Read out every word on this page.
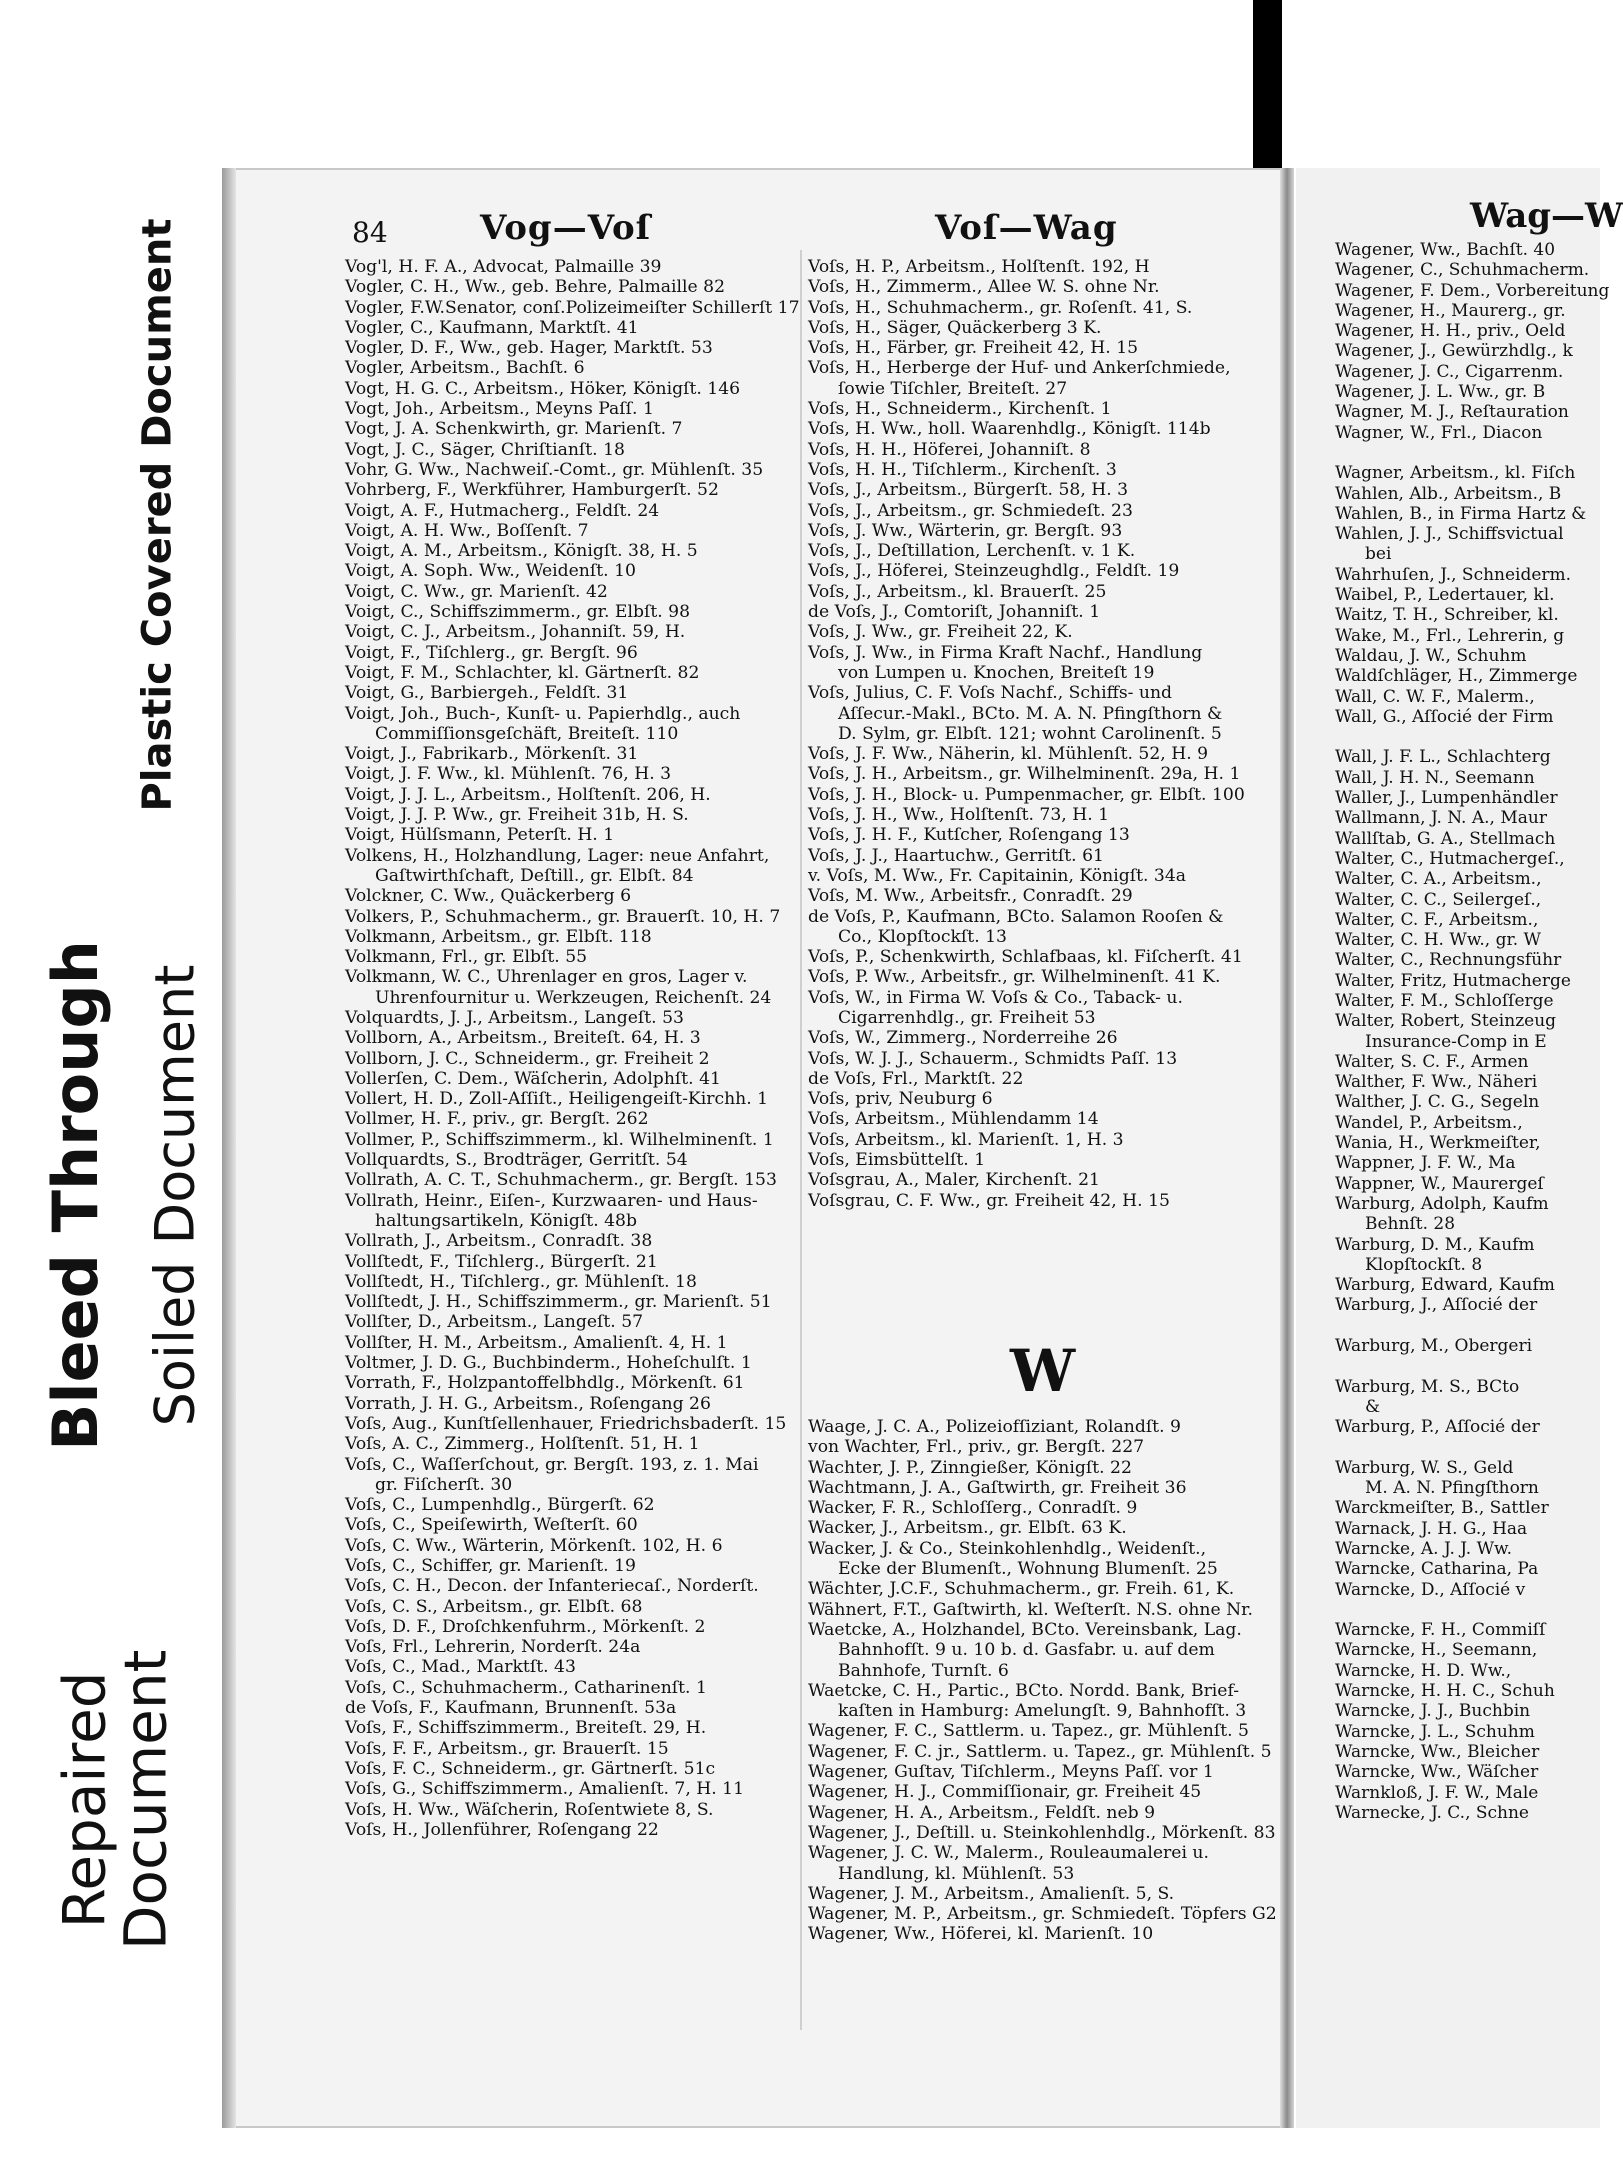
Plastic Covered Document
Bleed Through Soiled Document
Repaired Document
84	Vog—Voſ	Voſ—Wag
Vog'l, H. F. A., Advocat, Palmaille 39
Vogler, C. H., Ww., geb. Behre, Palmaille 82
Vogler, F.W.Senator, conſ.Polizeimeiſter Schillerſt 17
Vogler, C., Kaufmann, Marktſt. 41
Vogler, D. F., Ww., geb. Hager, Marktſt. 53
Vogler, Arbeitsm., Bachſt. 6
Vogt, H. G. C., Arbeitsm., Höker, Königſt. 146
Vogt, Joh., Arbeitsm., Meyns Paſſ. 1
Vogt, J. A. Schenkwirth, gr. Marienſt. 7
Vogt, J. C., Säger, Chriſtianſt. 18
Vohr, G. Ww., Nachweiſ.-Comt., gr. Mühlenſt. 35
Vohrberg, F., Werkführer, Hamburgerſt. 52
Voigt, A. F., Hutmacherg., Feldſt. 24
Voigt, A. H. Ww., Boſſenſt. 7
Voigt, A. M., Arbeitsm., Königſt. 38, H. 5
Voigt, A. Soph. Ww., Weidenſt. 10
Voigt, C. Ww., gr. Marienſt. 42
Voigt, C., Schiffszimmerm., gr. Elbſt. 98
Voigt, C. J., Arbeitsm., Johanniſt. 59, H.
Voigt, F., Tiſchlerg., gr. Bergſt. 96
Voigt, F. M., Schlachter, kl. Gärtnerſt. 82
Voigt, G., Barbiergeh., Feldſt. 31
Voigt, Joh., Buch-, Kunſt- u. Papierhdlg., auch
Commiſſionsgeſchäft, Breiteſt. 110
Voigt, J., Fabrikarb., Mörkenſt. 31
Voigt, J. F. Ww., kl. Mühlenſt. 76, H. 3
Voigt, J. J. L., Arbeitsm., Holſtenſt. 206, H.
Voigt, J. J. P. Ww., gr. Freiheit 31b, H. S.
Voigt, Hülſsmann, Peterſt. H. 1
Volkens, H., Holzhandlung, Lager: neue Anfahrt,
Gaſtwirthſchaft, Deſtill., gr. Elbſt. 84
Volckner, C. Ww., Quäckerberg 6
Volkers, P., Schuhmacherm., gr. Brauerſt. 10, H. 7
Volkmann, Arbeitsm., gr. Elbſt. 118
Volkmann, Frl., gr. Elbſt. 55
Volkmann, W. C., Uhrenlager en gros, Lager v.
Uhrenfournitur u. Werkzeugen, Reichenſt. 24
Volquardts, J. J., Arbeitsm., Langeſt. 53
Vollborn, A., Arbeitsm., Breiteſt. 64, H. 3
Vollborn, J. C., Schneiderm., gr. Freiheit 2
Vollerſen, C. Dem., Wäſcherin, Adolphſt. 41
Vollert, H. D., Zoll-Aſſiſt., Heiligengeiſt-Kirchh. 1
Vollmer, H. F., priv., gr. Bergſt. 262
Vollmer, P., Schiffszimmerm., kl. Wilhelminenſt. 1
Vollquardts, S., Brodträger, Gerritſt. 54
Vollrath, A. C. T., Schuhmacherm., gr. Bergſt. 153
Vollrath, Heinr., Eiſen-, Kurzwaaren- und Haus-
haltungsartikeln, Königſt. 48b
Vollrath, J., Arbeitsm., Conradſt. 38
Vollſtedt, F., Tiſchlerg., Bürgerſt. 21
Vollſtedt, H., Tiſchlerg., gr. Mühlenſt. 18
Vollſtedt, J. H., Schiffszimmerm., gr. Marienſt. 51
Vollſter, D., Arbeitsm., Langeſt. 57
Vollſter, H. M., Arbeitsm., Amalienſt. 4, H. 1
Voltmer, J. D. G., Buchbinderm., Hoheſchulſt. 1
Vorrath, F., Holzpantoffelbhdlg., Mörkenſt. 61
Vorrath, J. H. G., Arbeitsm., Roſengang 26
Voſs, Aug., Kunſtſellenhauer, Friedrichsbaderſt. 15
Voſs, A. C., Zimmerg., Holſtenſt. 51, H. 1
Voſs, C., Waſſerſchout, gr. Bergſt. 193, z. 1. Mai
gr. Fiſcherſt. 30
Voſs, C., Lumpenhdlg., Bürgerſt. 62
Voſs, C., Speiſewirth, Weſterſt. 60
Voſs, C. Ww., Wärterin, Mörkenſt. 102, H. 6
Voſs, C., Schiffer, gr. Marienſt. 19
Voſs, C. H., Decon. der Infanteriecaſ., Norderſt.
Voſs, C. S., Arbeitsm., gr. Elbſt. 68
Voſs, D. F., Droſchkenfuhrm., Mörkenſt. 2
Voſs, Frl., Lehrerin, Norderſt. 24a
Voſs, C., Mad., Marktſt. 43
Voſs, C., Schuhmacherm., Catharinenſt. 1
de Voſs, F., Kaufmann, Brunnenſt. 53a
Voſs, F., Schiffszimmerm., Breiteſt. 29, H.
Voſs, F. F., Arbeitsm., gr. Brauerſt. 15
Voſs, F. C., Schneiderm., gr. Gärtnerſt. 51c
Voſs, G., Schiffszimmerm., Amalienſt. 7, H. 11
Voſs, H. Ww., Wäſcherin, Roſentwiete 8, S.
Voſs, H., Jollenführer, Roſengang 22
Voſs, H. P., Arbeitsm., Holſtenſt. 192, H
Voſs, H., Zimmerm., Allee W. S. ohne Nr.
Voſs, H., Schuhmacherm., gr. Roſenſt. 41, S.
Voſs, H., Säger, Quäckerberg 3 K.
Voſs, H., Färber, gr. Freiheit 42, H. 15
Voſs, H., Herberge der Huf- und Ankerſchmiede,
ſowie Tiſchler, Breiteſt. 27
Voſs, H., Schneiderm., Kirchenſt. 1
Voſs, H. Ww., holl. Waarenhdlg., Königſt. 114b
Voſs, H. H., Höferei, Johanniſt. 8
Voſs, H. H., Tiſchlerm., Kirchenſt. 3
Voſs, J., Arbeitsm., Bürgerſt. 58, H. 3
Voſs, J., Arbeitsm., gr. Schmiedeſt. 23
Voſs, J. Ww., Wärterin, gr. Bergſt. 93
Voſs, J., Deſtillation, Lerchenſt. v. 1 K.
Voſs, J., Höferei, Steinzeughdlg., Feldſt. 19
Voſs, J., Arbeitsm., kl. Brauerſt. 25
de Voſs, J., Comtoriſt, Johanniſt. 1
Voſs, J. Ww., gr. Freiheit 22, K.
Voſs, J. Ww., in Firma Kraft Nachf., Handlung
von Lumpen u. Knochen, Breiteſt 19
Voſs, Julius, C. F. Voſs Nachf., Schiffs- und
Aſſecur.-Makl., BCto. M. A. N. Pfingſthorn &
D. Sylm, gr. Elbſt. 121; wohnt Carolinenſt. 5
Voſs, J. F. Ww., Näherin, kl. Mühlenſt. 52, H. 9
Voſs, J. H., Arbeitsm., gr. Wilhelminenſt. 29a, H. 1
Voſs, J. H., Block- u. Pumpenmacher, gr. Elbſt. 100
Voſs, J. H., Ww., Holſtenſt. 73, H. 1
Voſs, J. H. F., Kutſcher, Roſengang 13
Voſs, J. J., Haartuchw., Gerritſt. 61
v. Voſs, M. Ww., Fr. Capitainin, Königſt. 34a
Voſs, M. Ww., Arbeitsfr., Conradſt. 29
de Voſs, P., Kaufmann, BCto. Salamon Rooſen &
Co., Klopſtockſt. 13
Voſs, P., Schenkwirth, Schlafbaas, kl. Fiſcherſt. 41
Voſs, P. Ww., Arbeitsfr., gr. Wilhelminenſt. 41 K.
Voſs, W., in Firma W. Voſs & Co., Taback- u.
Cigarrenhdlg., gr. Freiheit 53
Voſs, W., Zimmerg., Norderreihe 26
Voſs, W. J. J., Schauerm., Schmidts Paſſ. 13
de Voſs, Frl., Marktſt. 22
Voſs, priv, Neuburg 6
Voſs, Arbeitsm., Mühlendamm 14
Voſs, Arbeitsm., kl. Marienſt. 1, H. 3
Voſs, Eimsbüttelſt. 1
Voſsgrau, A., Maler, Kirchenſt. 21
Voſsgrau, C. F. Ww., gr. Freiheit 42, H. 15
W
Waage, J. C. A., Polizeiofſiziant, Rolandſt. 9
von Wachter, Frl., priv., gr. Bergſt. 227
Wachter, J. P., Zinngießer, Königſt. 22
Wachtmann, J. A., Gaſtwirth, gr. Freiheit 36
Wacker, F. R., Schloſſerg., Conradſt. 9
Wacker, J., Arbeitsm., gr. Elbſt. 63 K.
Wacker, J. & Co., Steinkohlenhdlg., Weidenſt.,
Ecke der Blumenſt., Wohnung Blumenſt. 25
Wächter, J.C.F., Schuhmacherm., gr. Freih. 61, K.
Wähnert, F.T., Gaſtwirth, kl. Weſterſt. N.S. ohne Nr.
Waetcke, A., Holzhandel, BCto. Vereinsbank, Lag.
Bahnhofſt. 9 u. 10 b. d. Gasfabr. u. auf dem
Bahnhofe, Turnſt. 6
Waetcke, C. H., Partic., BCto. Nordd. Bank, Brief-
kaſten in Hamburg: Amelungſt. 9, Bahnhofſt. 3
Wagener, F. C., Sattlerm. u. Tapez., gr. Mühlenſt. 5
Wagener, F. C. jr., Sattlerm. u. Tapez., gr. Mühlenſt. 5
Wagener, Guſtav, Tiſchlerm., Meyns Paſſ. vor 1
Wagener, H. J., Commiſſionair, gr. Freiheit 45
Wagener, H. A., Arbeitsm., Feldſt. neb 9
Wagener, J., Deſtill. u. Steinkohlenhdlg., Mörkenſt. 83
Wagener, J. C. W., Malerm., Rouleaumalerei u.
Handlung, kl. Mühlenſt. 53
Wagener, J. M., Arbeitsm., Amalienſt. 5, S.
Wagener, M. P., Arbeitsm., gr. Schmiedeſt. Töpfers G2
Wagener, Ww., Höferei, kl. Marienſt. 10
Wag—W
Wagener, Ww., Bachſt. 40
Wagener, C., Schuhmacherm.
Wagener, F. Dem., Vorbereitung
Wagener, H., Maurerg., gr.
Wagener, H. H., priv., Oeld
Wagener, J., Gewürzhdlg., k
Wagener, J. C., Cigarrenm.
Wagener, J. L. Ww., gr. B
Wagner, M. J., Reſtauration
Wagner, W., Frl., Diacon

Wagner, Arbeitsm., kl. Fiſch
Wahlen, Alb., Arbeitsm., B
Wahlen, B., in Firma Hartz &
Wahlen, J. J., Schiffsvictual
bei
Wahrhuſen, J., Schneiderm.
Waibel, P., Ledertauer, kl.
Waitz, T. H., Schreiber, kl.
Wake, M., Frl., Lehrerin, g
Waldau, J. W., Schuhm
Waldſchläger, H., Zimmerge
Wall, C. W. F., Malerm.,
Wall, G., Aſſocié der Firm

Wall, J. F. L., Schlachterg
Wall, J. H. N., Seemann
Waller, J., Lumpenhändler
Wallmann, J. N. A., Maur
Wallſtab, G. A., Stellmach
Walter, C., Hutmachergeſ.,
Walter, C. A., Arbeitsm.,
Walter, C. C., Seilergeſ.,
Walter, C. F., Arbeitsm.,
Walter, C. H. Ww., gr. W
Walter, C., Rechnungsführ
Walter, Fritz, Hutmacherge
Walter, F. M., Schloſſerge
Walter, Robert, Steinzeug
Insurance-Comp in E
Walter, S. C. F., Armen
Walther, F. Ww., Näheri
Walther, J. C. G., Segeln
Wandel, P., Arbeitsm.,
Wania, H., Werkmeiſter,
Wappner, J. F. W., Ma
Wappner, W., Maurergeſ
Warburg, Adolph, Kaufm
Behnſt. 28
Warburg, D. M., Kaufm
Klopſtockſt. 8
Warburg, Edward, Kaufm
Warburg, J., Aſſocié der

Warburg, M., Obergeri

Warburg, M. S., BCto
&
Warburg, P., Aſſocié der

Warburg, W. S., Geld
M. A. N. Pfingſthorn
Warckmeiſter, B., Sattler
Warnack, J. H. G., Haa
Warncke, A. J. J. Ww.
Warncke, Catharina, Pa
Warncke, D., Aſſocié v

Warncke, F. H., Commiſſ
Warncke, H., Seemann,
Warncke, H. D. Ww.,
Warncke, H. H. C., Schuh
Warncke, J. J., Buchbin
Warncke, J. L., Schuhm
Warncke, Ww., Bleicher
Warncke, Ww., Wäſcher
Warnkloß, J. F. W., Male
Warnecke, J. C., Schne
